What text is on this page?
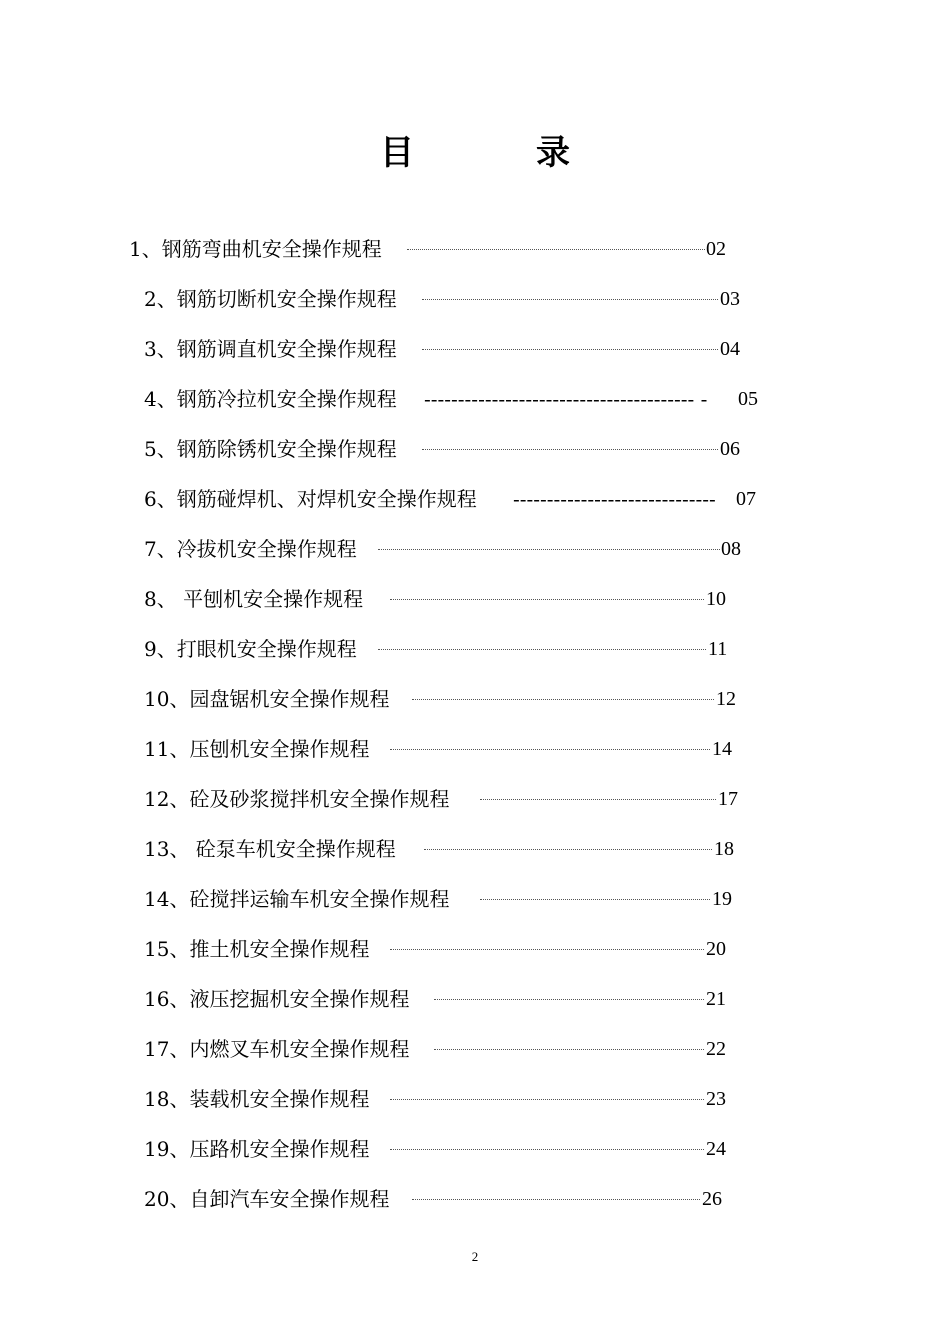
目	录
1、钢筋弯曲机安全操作规程	02
2、钢筋切断机安全操作规程	03
3、钢筋调直机安全操作规程	04
4、钢筋冷拉机安全操作规程 ---------------------------------------- - 05
5、钢筋除锈机安全操作规程	06
6、钢筋碰焊机、对焊机安全操作规程 ------------------------------ 07
7、冷拔机安全操作规程	08
8、 平刨机安全操作规程	10
9、打眼机安全操作规程	11
10、园盘锯机安全操作规程	12
11、压刨机安全操作规程	14
12、砼及砂浆搅拌机安全操作规程	17
13、 砼泵车机安全操作规程	18
14、砼搅拌运输车机安全操作规程	19
15、推土机安全操作规程	20
16、液压挖掘机安全操作规程	21
17、内燃叉车机安全操作规程	22
18、装载机安全操作规程	23
19、压路机安全操作规程	24
20、自卸汽车安全操作规程	26
2
